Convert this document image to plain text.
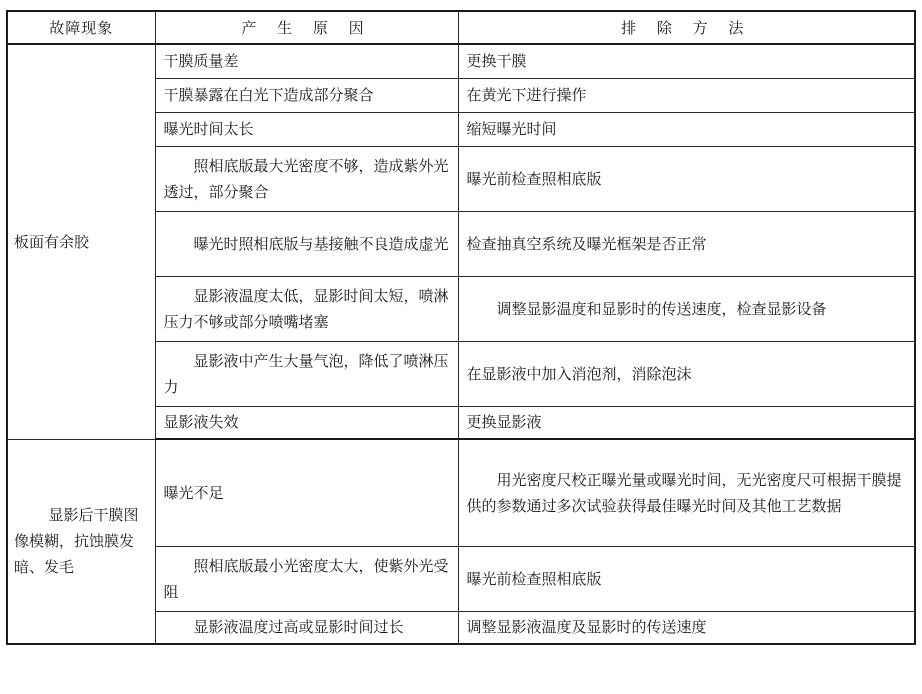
故障现象	产 生 原 因	排 除 方 法
板面有余胶	干膜质量差	更换干膜
	干膜暴露在白光下造成部分聚合	在黄光下进行操作
	曝光时间太长	缩短曝光时间
	照相底版最大光密度不够，造成紫外光透过，部分聚合	曝光前检查照相底版
	曝光时照相底版与基接触不良造成虚光	检查抽真空系统及曝光框架是否正常
	显影液温度太低，显影时间太短，喷淋压力不够或部分喷嘴堵塞	调整显影温度和显影时的传送速度，检查显影设备
	显影液中产生大量气泡，降低了喷淋压力	在显影液中加入消泡剂，消除泡沫
	显影液失效	更换显影液
显影后干膜图像模糊，抗蚀膜发暗、发毛	曝光不足	用光密度尺校正曝光量或曝光时间，无光密度尺可根据干膜提供的参数通过多次试验获得最佳曝光时间及其他工艺数据
	照相底版最小光密度太大，使紫外光受阻	曝光前检查照相底版
	显影液温度过高或显影时间过长	调整显影液温度及显影时的传送速度
